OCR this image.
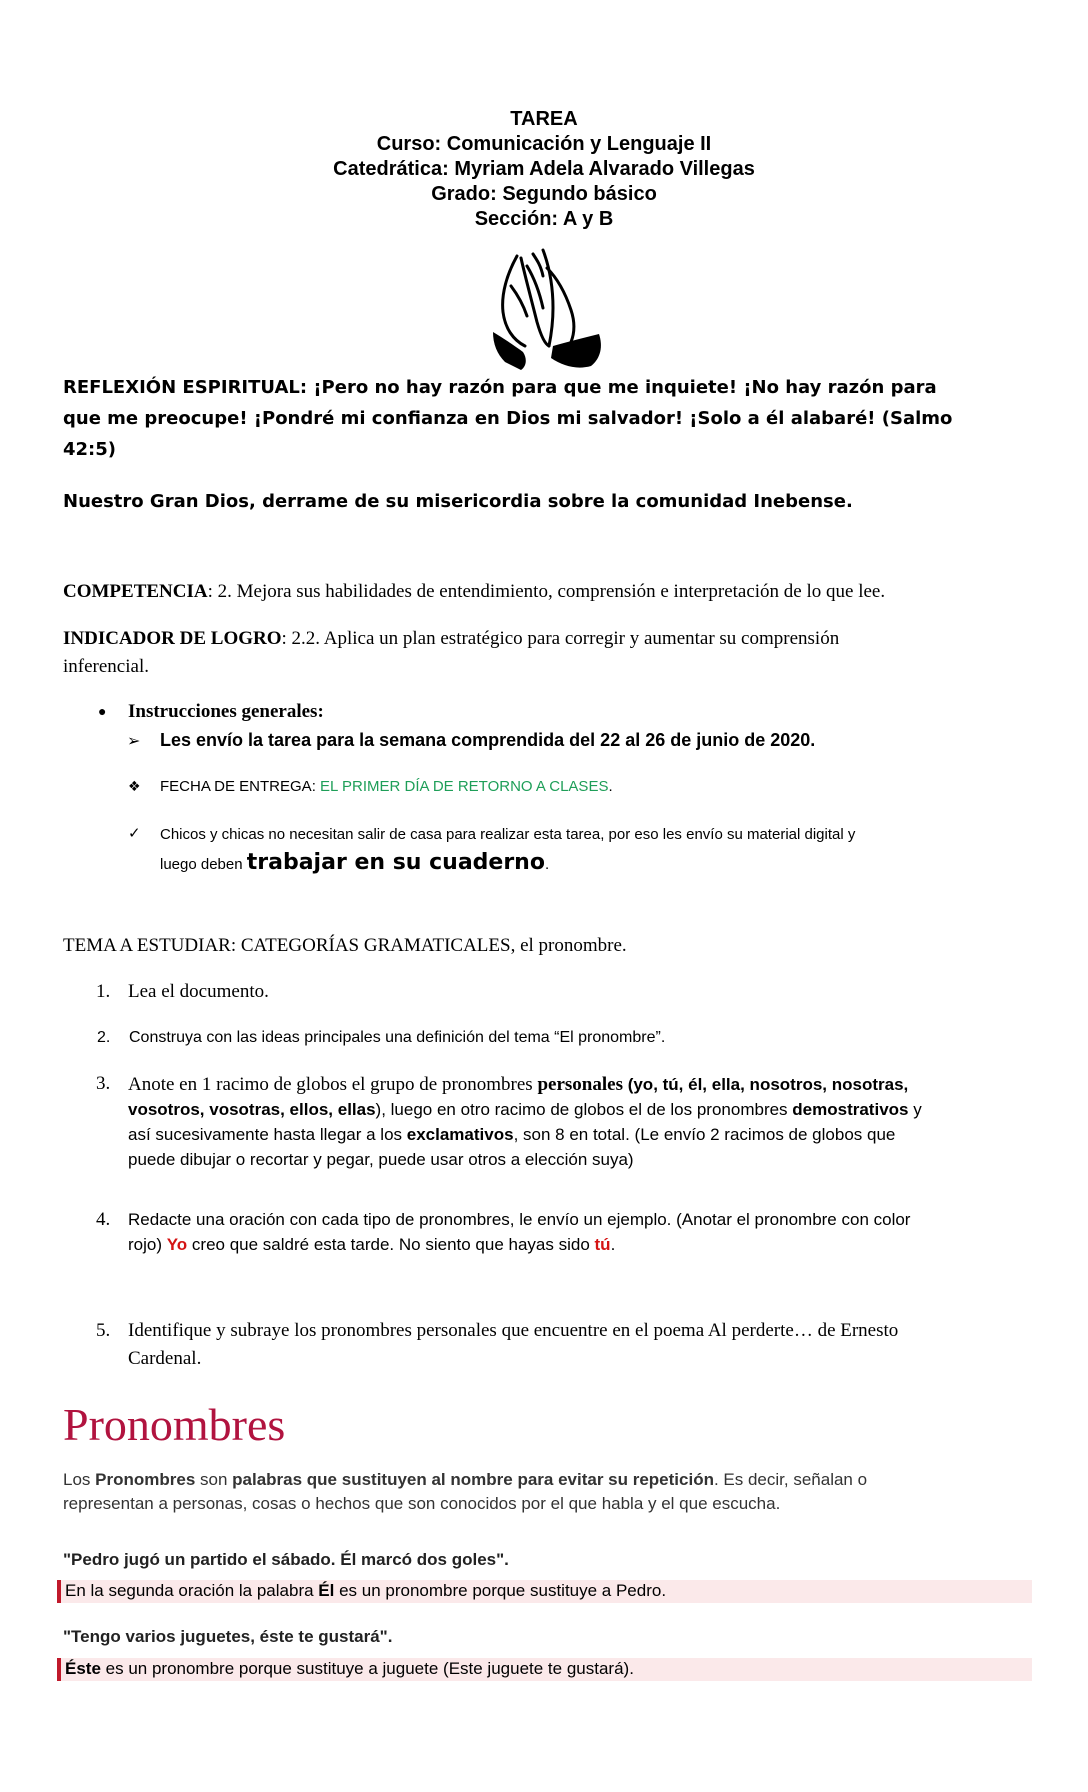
TAREA
Curso: Comunicación y Lenguaje II
Catedrática: Myriam Adela Alvarado Villegas
Grado: Segundo básico
Sección: A y B
REFLEXIÓN ESPIRITUAL: ¡Pero no hay razón para que me inquiete! ¡No hay razón para
que me preocupe! ¡Pondré mi confianza en Dios mi salvador! ¡Solo a él alabaré! (Salmo
42:5)
Nuestro Gran Dios, derrame de su misericordia sobre la comunidad Inebense.
COMPETENCIA: 2. Mejora sus habilidades de entendimiento, comprensión e interpretación de lo que lee.
INDICADOR DE LOGRO: 2.2. Aplica un plan estratégico para corregir y aumentar su comprensión
inferencial.
● Instrucciones generales:
➢ Les envío la tarea para la semana comprendida del 22 al 26 de junio de 2020.
❖ FECHA DE ENTREGA: EL PRIMER DÍA DE RETORNO A CLASES.
✓ Chicos y chicas no necesitan salir de casa para realizar esta tarea, por eso les envío su material digital y
luego deben trabajar en su cuaderno.
TEMA A ESTUDIAR: CATEGORÍAS GRAMATICALES, el pronombre.
1. Lea el documento.
2. Construya con las ideas principales una definición del tema “El pronombre”.
3. Anote en 1 racimo de globos el grupo de pronombres personales (yo, tú, él, ella, nosotros, nosotras,
vosotros, vosotras, ellos, ellas), luego en otro racimo de globos el de los pronombres demostrativos y
así sucesivamente hasta llegar a los exclamativos, son 8 en total. (Le envío 2 racimos de globos que
puede dibujar o recortar y pegar, puede usar otros a elección suya)
4. Redacte una oración con cada tipo de pronombres, le envío un ejemplo. (Anotar el pronombre con color
rojo) Yo creo que saldré esta tarde. No siento que hayas sido tú.
5. Identifique y subraye los pronombres personales que encuentre en el poema Al perderte… de Ernesto
Cardenal.
Pronombres
Los Pronombres son palabras que sustituyen al nombre para evitar su repetición. Es decir, señalan o
representan a personas, cosas o hechos que son conocidos por el que habla y el que escucha.
"Pedro jugó un partido el sábado. Él marcó dos goles".
En la segunda oración la palabra Él es un pronombre porque sustituye a Pedro.
"Tengo varios juguetes, éste te gustará".
Éste es un pronombre porque sustituye a juguete (Este juguete te gustará).
